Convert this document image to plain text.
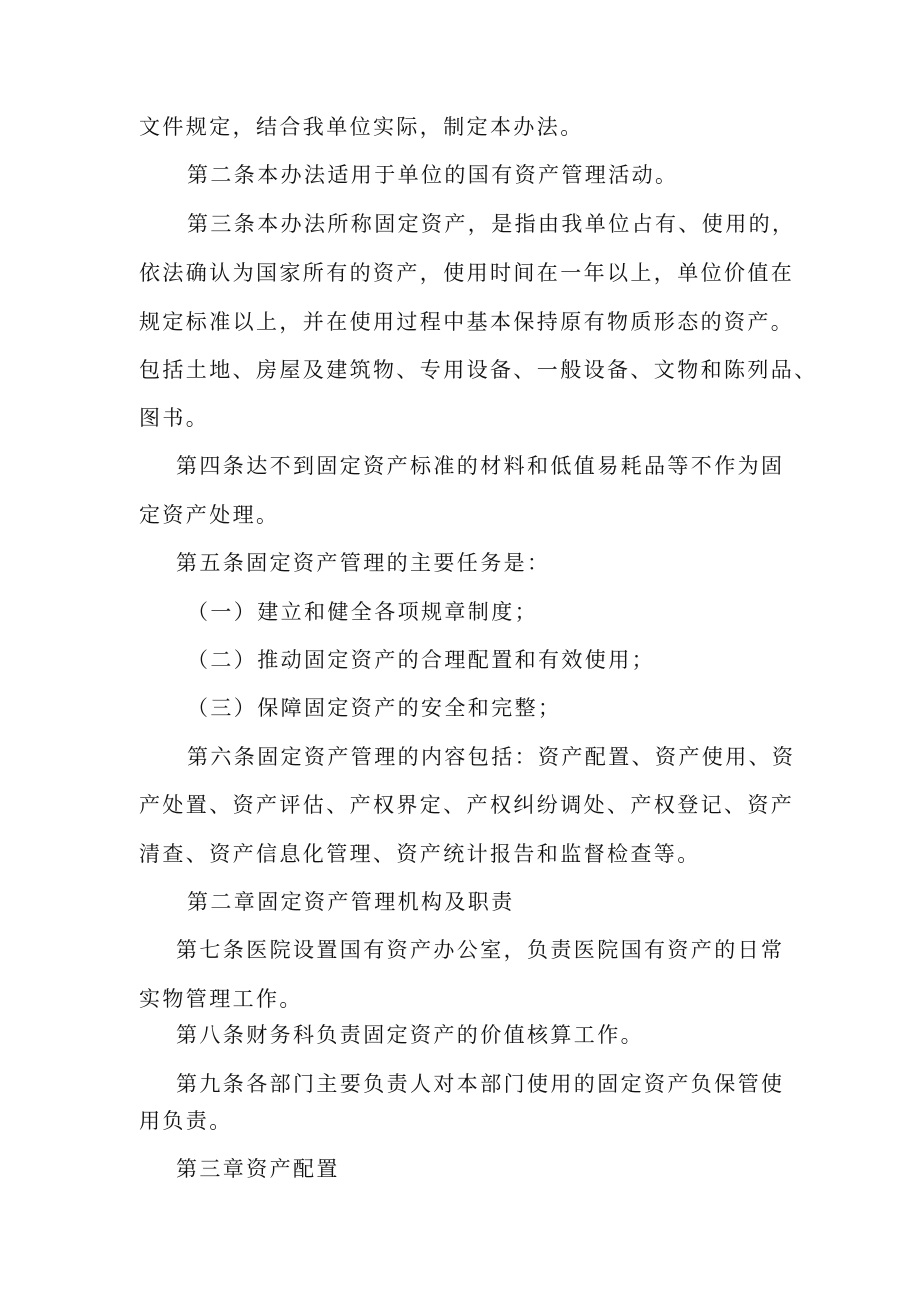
文件规定，结合我单位实际，制定本办法。
第二条本办法适用于单位的国有资产管理活动。
第三条本办法所称固定资产，是指由我单位占有、使用的，
依法确认为国家所有的资产，使用时间在一年以上，单位价值在
规定标准以上，并在使用过程中基本保持原有物质形态的资产。
包括土地、房屋及建筑物、专用设备、一般设备、文物和陈列品、
图书。
第四条达不到固定资产标准的材料和低值易耗品等不作为固
定资产处理。
第五条固定资产管理的主要任务是：
（一）建立和健全各项规章制度；
（二）推动固定资产的合理配置和有效使用；
（三）保障固定资产的安全和完整；
第六条固定资产管理的内容包括：资产配置、资产使用、资
产处置、资产评估、产权界定、产权纠纷调处、产权登记、资产
清查、资产信息化管理、资产统计报告和监督检查等。
第二章固定资产管理机构及职责
第七条医院设置国有资产办公室，负责医院国有资产的日常
实物管理工作。
第八条财务科负责固定资产的价值核算工作。
第九条各部门主要负责人对本部门使用的固定资产负保管使
用负责。
第三章资产配置
